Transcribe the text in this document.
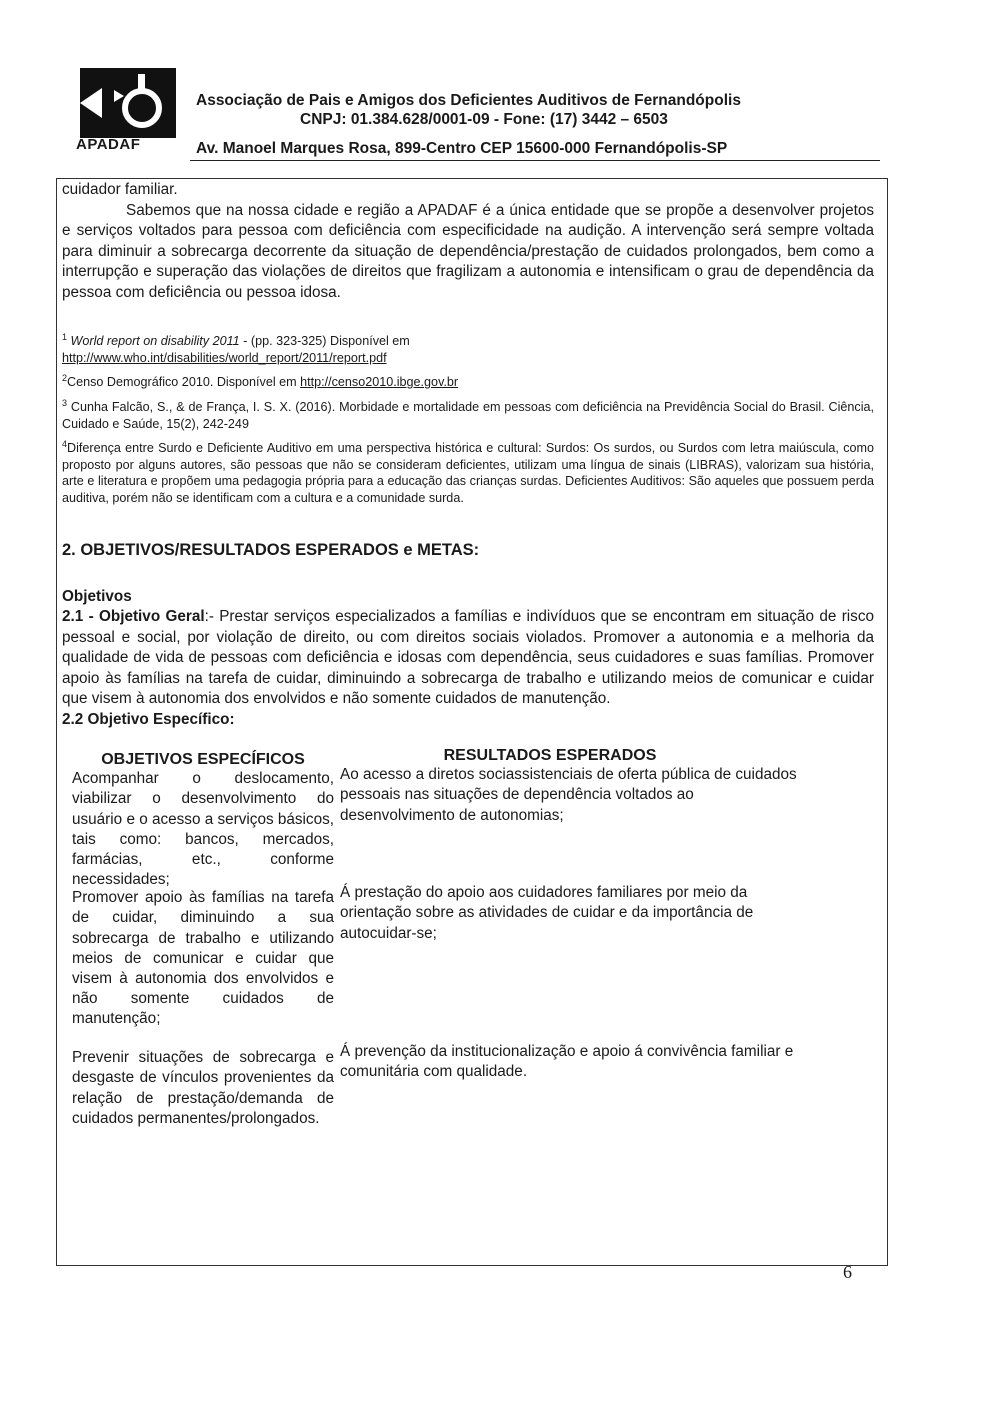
APADAF
Associação de Pais e Amigos dos Deficientes Auditivos de Fernandópolis
CNPJ: 01.384.628/0001-09 - Fone: (17) 3442 – 6503
Av. Manoel Marques Rosa, 899-Centro CEP 15600-000 Fernandópolis-SP

cuidador familiar.

Sabemos que na nossa cidade e região a APADAF é a única entidade que se propõe a desenvolver projetos e serviços voltados para pessoa com deficiência com especificidade na audição. A intervenção será sempre voltada para diminuir a sobrecarga decorrente da situação de dependência/prestação de cuidados prolongados, bem como a interrupção e superação das violações de direitos que fragilizam a autonomia e intensificam o grau de dependência da pessoa com deficiência ou pessoa idosa.

$^1$ World report on disability 2011 - (pp. 323-325) Disponível em
http://www.who.int/disabilities/world_report/2011/report.pdf
$^2$Censo Demográfico 2010. Disponível em http://censo2010.ibge.gov.br
$^3$ Cunha Falcão, S., & de França, I. S. X. (2016). Morbidade e mortalidade em pessoas com deficiência na Previdência Social do Brasil. Ciência, Cuidado e Saúde, 15(2), 242-249
$^4$Diferença entre Surdo e Deficiente Auditivo em uma perspectiva histórica e cultural: Surdos: Os surdos, ou Surdos com letra maiúscula, como proposto por alguns autores, são pessoas que não se consideram deficientes, utilizam uma língua de sinais (LIBRAS), valorizam sua história, arte e literatura e propõem uma pedagogia própria para a educação das crianças surdas. Deficientes Auditivos: São aqueles que possuem perda auditiva, porém não se identificam com a cultura e a comunidade surda.
2. OBJETIVOS/RESULTADOS ESPERADOS e METAS:
Objetivos

2.1 - Objetivo Geral:- Prestar serviços especializados a famílias e indivíduos que se encontram em situação de risco pessoal e social, por violação de direito, ou com direitos sociais violados. Promover a autonomia e a melhoria da qualidade de vida de pessoas com deficiência e idosas com dependência, seus cuidadores e suas famílias. Promover apoio às famílias na tarefa de cuidar, diminuindo a sobrecarga de trabalho e utilizando meios de comunicar e cuidar que visem à autonomia dos envolvidos e não somente cuidados de manutenção.

2.2 Objetivo Específico:
OBJETIVOS ESPECÍFICOS	RESULTADOS ESPERADOS
Acompanhar o deslocamento, viabilizar o desenvolvimento do usuário e o acesso a serviços básicos, tais como: bancos, mercados, farmácias, etc., conforme necessidades;
Ao acesso a diretos sociassistenciais de oferta pública de cuidados pessoais nas situações de dependência voltados ao desenvolvimento de autonomias;
Promover apoio às famílias na tarefa de cuidar, diminuindo a sua sobrecarga de trabalho e utilizando meios de comunicar e cuidar que visem à autonomia dos envolvidos e não somente cuidados de manutenção;
Á prestação do apoio aos cuidadores familiares por meio da orientação sobre as atividades de cuidar e da importância de autocuidar-se;
Prevenir situações de sobrecarga e desgaste de vínculos provenientes da relação de prestação/demanda de cuidados permanentes/prolongados.
Á prevenção da institucionalização e apoio á convivência familiar e comunitária com qualidade.
6
